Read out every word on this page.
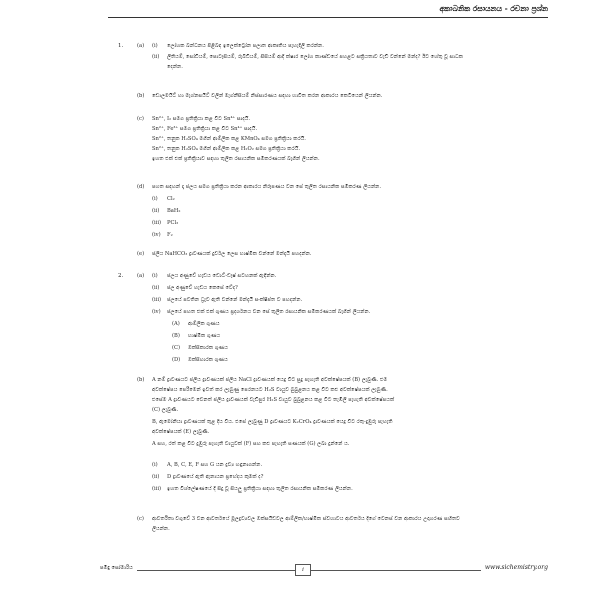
අකාබනික රසායනය - රචනා ප්‍රශ්න
1.	(a) (i) ලෝහක බන්ධනය පිළිබඳ ඉලෙක්ට්‍රෝන පලාත ආකෘතිය පැහැදිලි කරන්න.
(ii) ලිතියම්, සෝඩියම්, පොටෑසියම්, රුබීඩියම්, සීසියම් ආදී ක්ෂාර ලෝහ කාණ්ඩයේ පහළට සක්‍රියතාව වැඩි වන්නේ මන්ද? ඊට හේතු වූ සාධක
දෙන්න.
(b) ඩොලමයිට් හා මැග්නසයිට් වලින් මැග්නීසියම් නිස්සාරණය සඳහා භාවිත කරන ආකාරය කෙටියෙන් ලියන්න.
(c) Sn²⁺, I₂ සමග ප්‍රතික්‍රියා කළ විට Sn⁴⁺ සාදයි.
Sn²⁺, Fe³⁺ සමග ප්‍රතික්‍රියා කළ විට Sn⁴⁺ සාදයි.
Sn²⁺, තනුක H₂SO₄ මගින් ආම්ලික කළ KMnO₄ සමග ප්‍රතික්‍රියා කරයි.
Sn²⁺, තනුක H₂SO₄ මගින් ආම්ලික කළ H₂O₂ සමග ප්‍රතික්‍රියා කරයි.
ඉහත එක් එක් ප්‍රතික්‍රියාව සඳහා තුලිත රසායනික සමීකරණයක් බැගින් ලියන්න.
(d) පහත සඳහන් දෑ ජලය සමග ප්‍රතික්‍රියා කරන ආකාරය නිරූපණය වන සේ තුලිත රසායනික සමීකරණ ලියන්න.
(i) Cl₂
(ii) BaH₂
(iii) PCl₃
(iv) F₂
(e) ජලීය NaHCO₃ ද්‍රාවණයක් දුර්වල ලෙස භාෂ්මික වන්නේ මන්දැයි පහදන්න.
2.	(a) (i) ජලය අණුවේ හැඩය ඩොට්-ඩෑෂ් සටහනක් ඇඳින්න.
(ii) ජල අණුවේ හැඩය කෙසේ වේද?
(iii) ජලයේ පවතින ධ්‍රැව ඇති වන්නේ මන්දැයි සංක්ෂිප්ත ව පහදන්න.
(iv) ජලයේ පහත එක් එක් ගුණය ප්‍රදර්ශනය වන සේ තුලිත රසායනික සමීකරණයක් බැගින් ලියන්න.
(A) ආම්ලික ගුණය
(B) භාෂ්මික ගුණය
(C) ඔක්සිකාරක ගුණය
(D) ඔක්සිහාරක ගුණය
(b) A නම් ද්‍රාවණයට ජලීය ද්‍රාවණයක් ජලීය NaCl ද්‍රාවණයක් යෙදූ විට සුදු පැහැති අවක්ෂේපයක් (B) ලැබුණි. එම
අවක්ෂේපය පෙරීමෙන් ඉවත් කර ලැබුණු පෙරනයට H₂S වායුව බුබුළනය කළ විට කළු අවක්ෂේපයක් ලැබුණි.
එසේම A ද්‍රාවණයට වෙනත් ජලීය ද්‍රාවණයක් වැඩිපුර H₂S වායුව බුබුළනය කළ විට තැඹිලි පැහැති අවක්ෂේපයක්
(C) ලැබුණි.
B, ඇමෝනියා ද්‍රාවණයක් තුළ දිය විය. එසේ ලැබුණු D ද්‍රාවණයට K₂CrO₄ ද්‍රාවණයක් යෙදූ විට රතු-දුඹුරු පැහැති
අවක්ෂේපයක් (E) ලැබුණි.
A සහ, රත් කළ විට දුඹුරු පැහැති වායුවක් (F) සහ කළු පැහැති ඝණයක් (G) ලබා දුන්නේ ය.
(i) A, B, C, E, F සහ G යන ද්‍රව්‍ය හඳුනාගන්න.
(ii) D ද්‍රාවණයේ ඇති ඇනායන ප්‍රභේදය කුමක් ද?
(iii) ඉහත විශ්ලේෂණයේ දී සිදු වූ සියලු ප්‍රතික්‍රියා සඳහා තුලිත රසායනික සමීකරණ ලියන්න.
(c) ආවර්තිතා වගුවේ 3 වන ආවර්තයේ මූලද්‍රව්‍යවල ඔක්සයිඩවල ආම්ලික/භාෂ්මික ස්වභාවය ආවර්තය දිගේ වෙනස් වන ආකාරය උදාහරණ සහිතව
ලියන්න.
පමිඳු සෝමාරිය	i	www.sichemistry.org
